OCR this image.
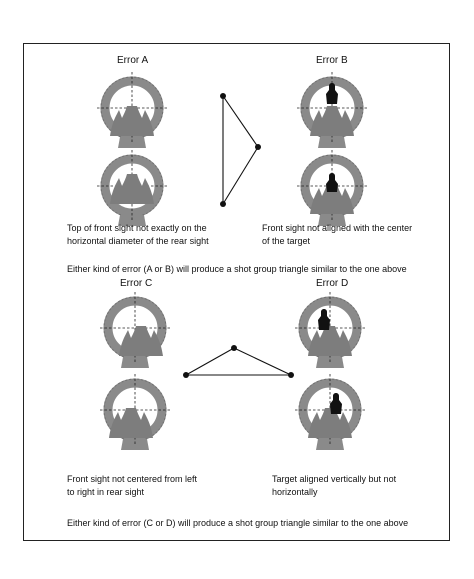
Error A	Error B
Error C	Error D
Top of front sight not exactly on the
horizontal diameter of the rear sight
Front sight not aligned with the center
of the target
Either kind of error (A or B) will produce a shot group triangle similar to the one above
Front sight not centered from left
to right in rear sight
Target aligned vertically but not
horizontally
Either kind of error (C or D) will produce a shot group triangle similar to the one above
